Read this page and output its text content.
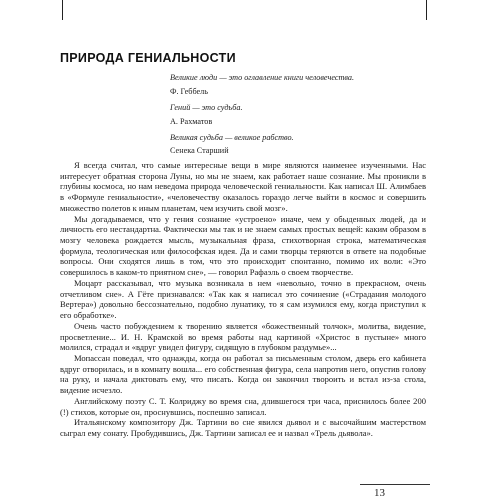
ПРИРОДА ГЕНИАЛЬНОСТИ

Великие люди — это оглавление книги человечества.

Ф. Геббель

Гений — это судьба.

А. Рахматов

Великая судьба — великое рабство.

Сенека Старший

Я всегда считал, что самые интересные вещи в мире являются наименее изученными. Нас интересует обратная сторона Луны, но мы не знаем, как работает наше сознание. Мы проникли в глубины космоса, но нам неведома природа человеческой гениальности. Как написал Ш. Алимбаев в «Формуле гениальности», «человечеству оказалось гораздо легче выйти в космос и совершить множество полетов к иным планетам, чем изучить свой мозг».

Мы догадываемся, что у гения сознание «устроено» иначе, чем у обыденных людей, да и личность его нестандартна. Фактически мы так и не знаем самых простых вещей: каким образом в мозгу человека рождается мысль, музыкальная фраза, стихотворная строка, математическая формула, теологическая или философская идея. Да и сами творцы теряются в ответе на подобные вопросы. Они сходятся лишь в том, что это происходит спонтанно, помимо их воли: «Это совершилось в каком-то приятном сне», — говорил Рафаэль о своем творчестве.

Моцарт рассказывал, что музыка возникала в нем «невольно, точно в прекрасном, очень отчетливом сне». А Гёте признавался: «Так как я написал это сочинение («Страдания молодого Вертера») довольно бессознательно, подобно лунатику, то я сам изумился ему, когда приступил к его обработке».

Очень часто побуждением к творению является «божественный толчок», молитва, видение, просветление... И. Н. Крамской во время работы над картиной «Христос в пустыне» много молился, страдал и «вдруг увидел фигуру, сидящую в глубоком раздумье»...

Мопассан поведал, что однажды, когда он работал за письменным столом, дверь его кабинета вдруг отворилась, и в комнату вошла... его собственная фигура, села напротив него, опустив голову на руку, и начала диктовать ему, что писать. Когда он закончил твороить и встал из-за стола, видение исчезло.

Английскому поэту С. Т. Колриджу во время сна, длившегося три часа, приснилось более 200 (!) стихов, которые он, проснувшись, поспешно записал.

Итальянскому композитору Дж. Тартини во сне явился дьявол и с высочайшим мастерством сыграл ему сонату. Пробудившись, Дж. Тартини записал ее и назвал «Трель дьявола».

13
